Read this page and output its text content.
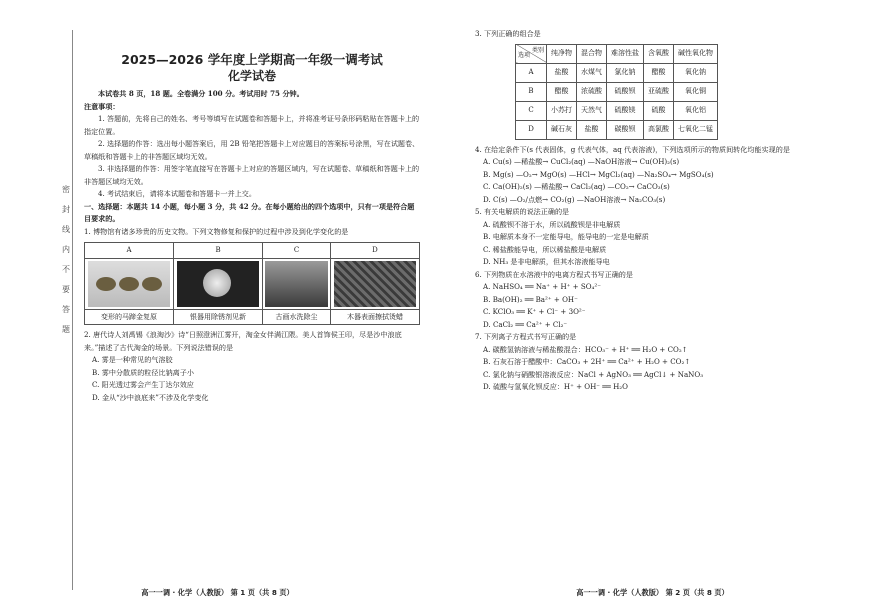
密
封
线
内
不
要
答
题
2025—2026 学年度上学期高一年级一调考试
化学试卷

本试卷共 8 页，18 题。全卷满分 100 分。考试用时 75 分钟。

注意事项：

1. 答题前，先将自己的姓名、考号等填写在试题卷和答题卡上，并将准考证号条形码粘贴在答题卡上的指定位置。

2. 选择题的作答：选出每小题答案后，用 2B 铅笔把答题卡上对应题目的答案标号涂黑，写在试题卷、草稿纸和答题卡上的非答题区域均无效。

3. 非选择题的作答：用签字笔直接写在答题卡上对应的答题区域内，写在试题卷、草稿纸和答题卡上的非答题区域均无效。

4. 考试结束后，请将本试题卷和答题卡一并上交。

一、选择题：本题共 14 小题，每小题 3 分，共 42 分。在每小题给出的四个选项中，只有一项是符合题目要求的。

1. 博物馆有诸多珍贵的历史文物。下列文物修复和保护的过程中涉及到化学变化的是

A	B	C	D

变形的马蹄金复原	银器用除锈剂见新	古画水洗除尘	木器表面擦拭烫蜡

2. 唐代诗人刘禹锡《浪淘沙》诗“日照澄洲江雾开，淘金女伴满江隈。美人首饰侯王印，尽是沙中浪底来。”描述了古代淘金的场景。下列说法错误的是

A. 雾是一种常见的气溶胶

B. 雾中分散质的粒径比钠离子小

C. 阳光透过雾会产生丁达尔效应

D. 金从“沙中浪底来”不涉及化学变化

高一一调 · 化学（人教版） 第 1 页（共 8 页）

3. 下列正确的组合是

类别
选项	纯净物	混合物	难溶性盐	含氧酸	碱性氧化物
A	盐酸	水煤气	氯化钠	醋酸	氧化钠
B	醋酸	浓硫酸	硫酸钡	亚硫酸	氧化铜
C	小苏打	天然气	硫酸镁	硫酸	氧化铝
D	碱石灰	盐酸	碳酸钡	高氯酸	七氧化二锰

4. 在给定条件下(s 代表固体，g 代表气体，aq 代表溶液)，下列选项所示的物质间转化均能实现的是

A. Cu(s) —稀盐酸→ CuCl₂(aq) —NaOH溶液→ Cu(OH)₂(s)

B. Mg(s) —O₂→ MgO(s) —HCl→ MgCl₂(aq) —Na₂SO₄→ MgSO₄(s)

C. Ca(OH)₂(s) —稀盐酸→ CaCl₂(aq) —CO₂→ CaCO₃(s)

D. C(s) —O₂/点燃→ CO₂(g) —NaOH溶液→ Na₂CO₃(s)

5. 有关电解质的说法正确的是

A. 硫酸钡不溶于水，所以硫酸钡是非电解质

B. 电解质本身不一定能导电，能导电的一定是电解质

C. 稀盐酸能导电，所以稀盐酸是电解质

D. NH₃ 是非电解质，但其水溶液能导电

6. 下列物质在水溶液中的电离方程式书写正确的是

A. NaHSO₄ ══ Na⁺ + H⁺ + SO₄²⁻

B. Ba(OH)₂ ══ Ba²⁺ + OH⁻

C. KClO₃ ══ K⁺ + Cl⁻ + 3O²⁻

D. CaCl₂ ══ Ca²⁺ + Cl₂⁻

7. 下列离子方程式书写正确的是

A. 碳酸氢钠溶液与稀盐酸混合：HCO₃⁻ + H⁺ ══ H₂O + CO₂↑

B. 石灰石溶于醋酸中：CaCO₃ + 2H⁺ ══ Ca²⁺ + H₂O + CO₂↑

C. 氯化钠与硝酸银溶液反应：NaCl + AgNO₃ ══ AgCl↓ + NaNO₃

D. 硫酸与氢氧化钡反应：H⁺ + OH⁻ ══ H₂O

高一一调 · 化学（人教版） 第 2 页（共 8 页）
